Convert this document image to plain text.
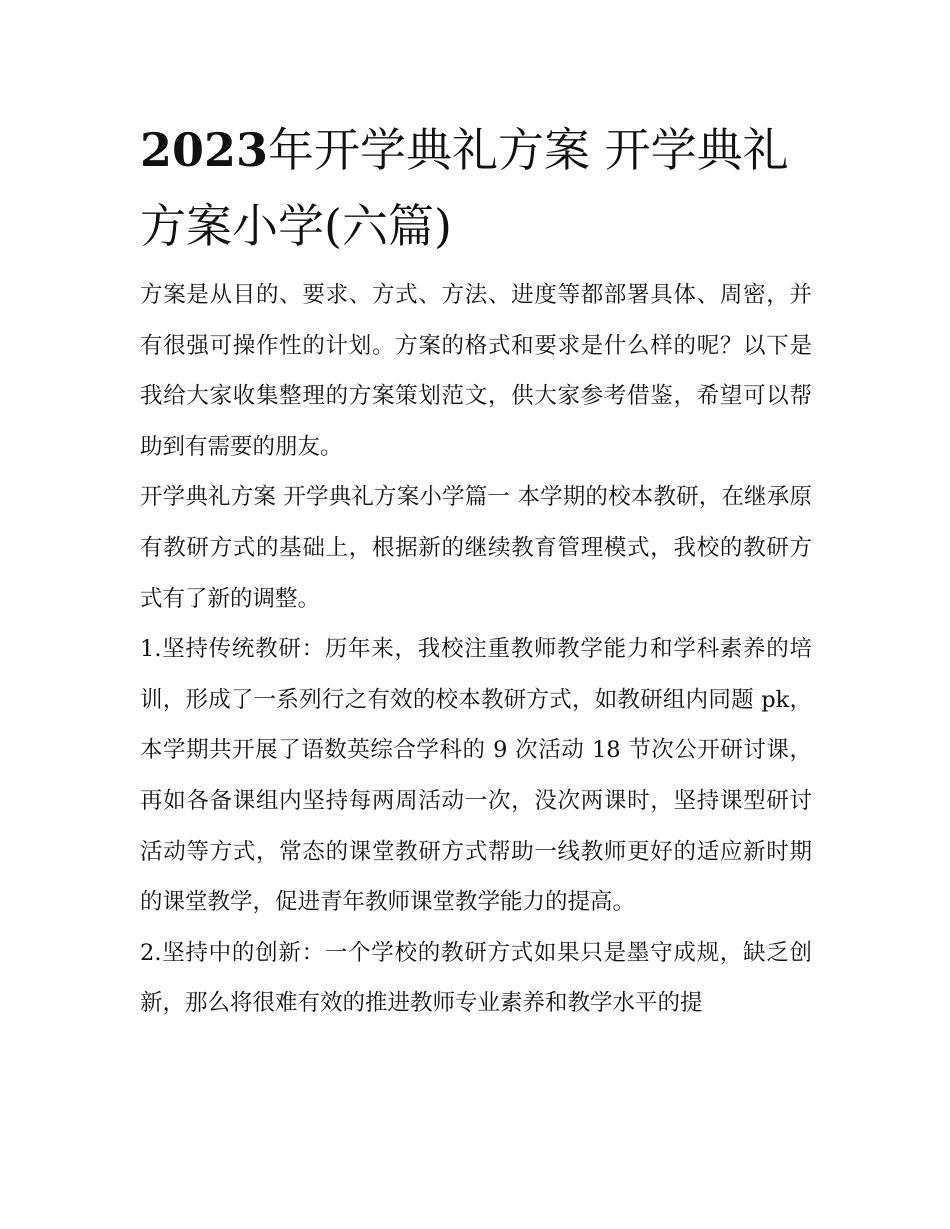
2023年开学典礼方案 开学典礼方案小学(六篇)

方案是从目的、要求、方式、方法、进度等都部署具体、周密，并有很强可操作性的计划。方案的格式和要求是什么样的呢？以下是我给大家收集整理的方案策划范文，供大家参考借鉴，希望可以帮助到有需要的朋友。

开学典礼方案 开学典礼方案小学篇一 本学期的校本教研，在继承原有教研方式的基础上，根据新的继续教育管理模式，我校的教研方式有了新的调整。

1.坚持传统教研：历年来，我校注重教师教学能力和学科素养的培训，形成了一系列行之有效的校本教研方式，如教研组内同题 pk，本学期共开展了语数英综合学科的 9 次活动 18 节次公开研讨课，再如各备课组内坚持每两周活动一次，没次两课时，坚持课型研讨活动等方式，常态的课堂教研方式帮助一线教师更好的适应新时期的课堂教学，促进青年教师课堂教学能力的提高。

2.坚持中的创新：一个学校的教研方式如果只是墨守成规，缺乏创新，那么将很难有效的推进教师专业素养和教学水平的提
